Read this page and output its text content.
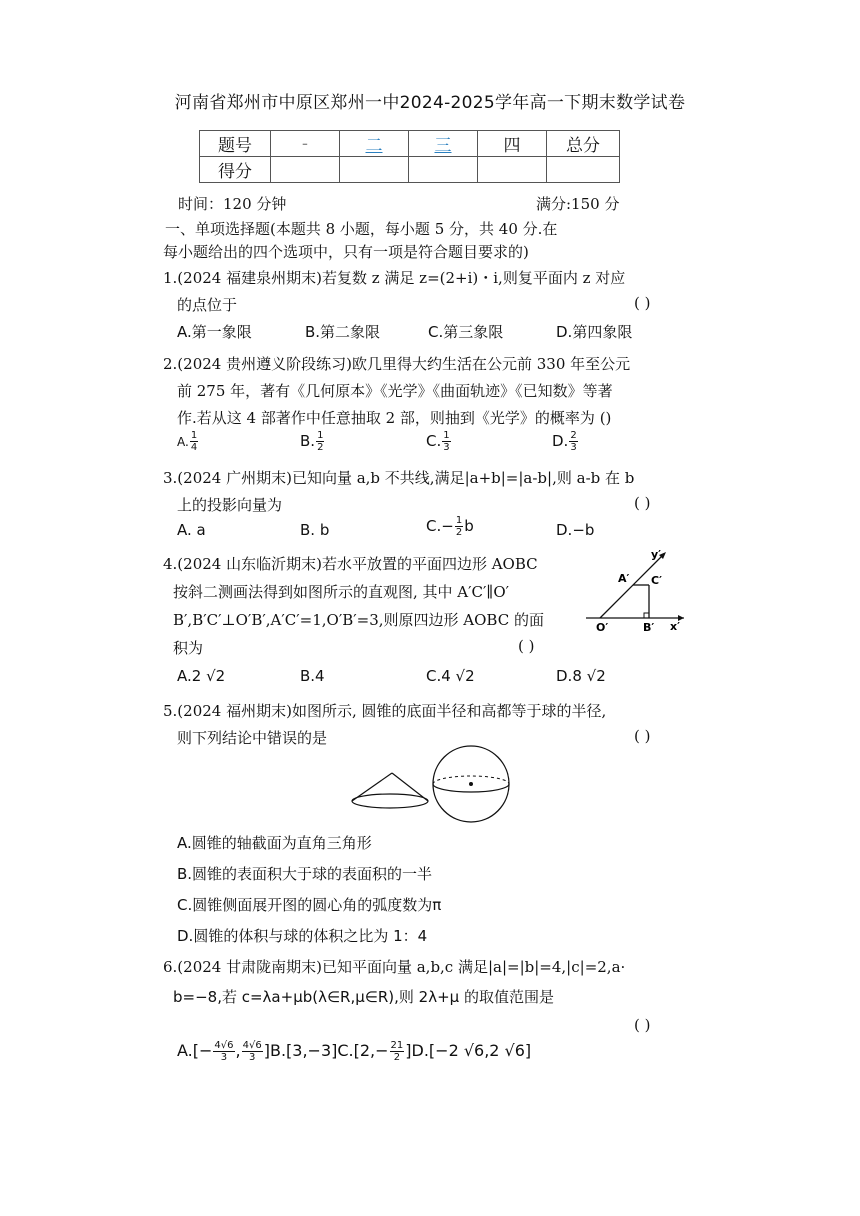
河南省郑州市中原区郑州一中2024-2025学年高一下期末数学试卷
题号	-	二	三	四	总分
得分					
时间：120 分钟	满分:150 分
一、单项选择题(本题共 8 小题，每小题 5 分，共 40 分.在
每小题给出的四个选项中，只有一项是符合题目要求的)
1.(2024 福建泉州期末)若复数 z 满足 z=(2+i)・i,则复平面内 z 对应
的点位于	( )
A.第一象限	B.第二象限	C.第三象限	D.第四象限
2.(2024 贵州遵义阶段练习)欧几里得大约生活在公元前 330 年至公元
前 275 年，著有《几何原本》《光学》《曲面轨迹》《已知数》等著
作.若从这 4 部著作中任意抽取 2 部，则抽到《光学》的概率为 ()
A. $\frac{1}{4}$	B. $\frac{1}{2}$	C. $\frac{1}{3}$	D. $\frac{2}{3}$
3.(2024 广州期末)已知向量 a,b 不共线,满足|a+b|=|a-b|,则 a-b 在 b
上的投影向量为	( )
A. a	B. b	$C.- \frac{1}{2}$ b	D.−b
4.(2024 山东临沂期末)若水平放置的平面四边形 AOBC
按斜二测画法得到如图所示的直观图, 其中 A′C′∥O′
B′,B′C′⊥O′B′,A′C′=1,O′B′=3,则原四边形 AOBC 的面
积为	( )
A.2 √2	B.4	C.4 √2	D.8 √2
y′
A′ C′
O′	B′ x′
5.(2024 福州期末)如图所示, 圆锥的底面半径和高都等于球的半径,
则下列结论中错误的是	( )
A.圆锥的轴截面为直角三角形
B.圆锥的表面积大于球的表面积的一半
C.圆锥侧面展开图的圆心角的弧度数为π
D.圆锥的体积与球的体积之比为 1：4
6.(2024 甘肃陇南期末)已知平面向量 a,b,c 满足|a|=|b|=4,|c|=2,a·
b=−8,若 c=λa+μb(λ∈R,μ∈R),则 2λ+μ 的取值范围是
( )
$A.[- \frac{4√6}{3}$ , $\frac{4√6}{3} ]B.[3,-3]C.[2,- \frac{21}{2} ]D.[-2$ √6,2 √6]
